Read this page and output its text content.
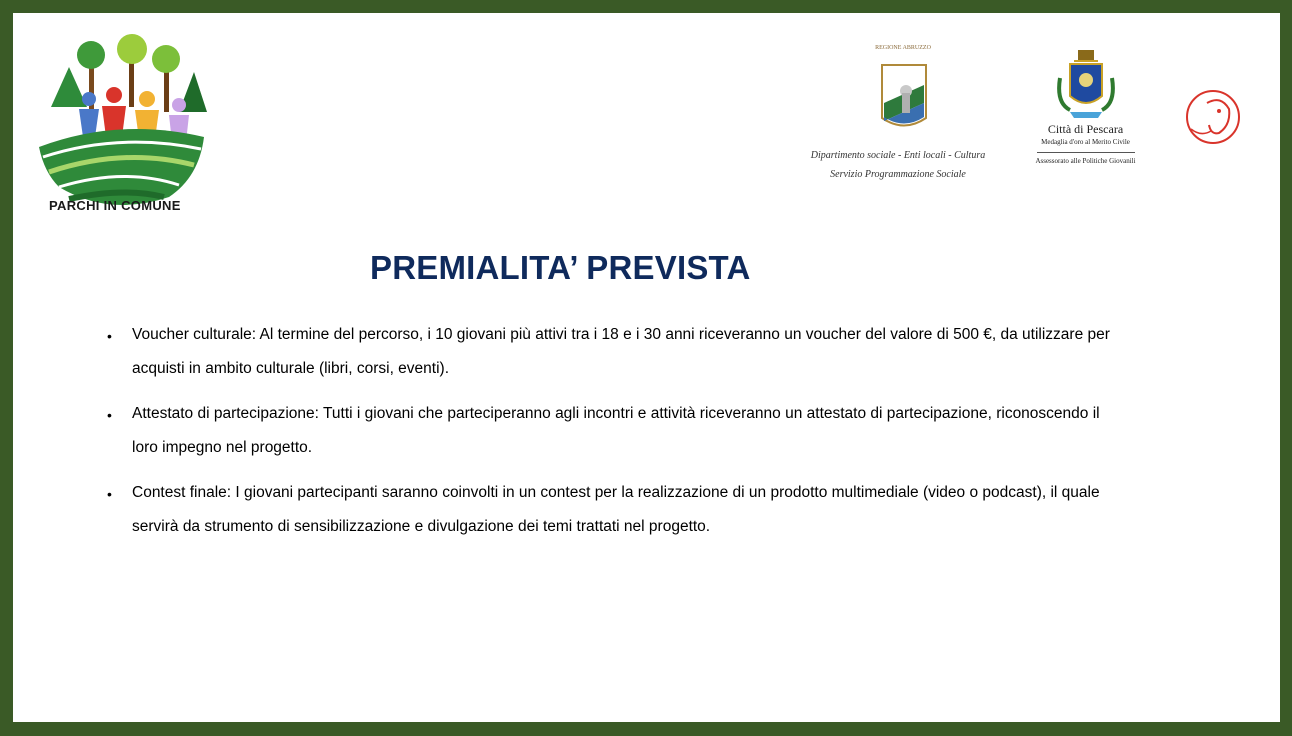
PARCHI IN COMUNE
REGIONE ABRUZZO
Dipartimento sociale - Enti locali - Cultura
Servizio Programmazione Sociale
Città di Pescara
Medaglia d'oro al Merito Civile
Assessorato alle Politiche Giovanili
PREMIALITA’ PREVISTA
• Voucher culturale: Al termine del percorso, i 10 giovani più attivi tra i 18 e i 30 anni riceveranno un voucher del valore di 500 €, da utilizzare per acquisti in ambito culturale (libri, corsi, eventi).
• Attestato di partecipazione: Tutti i giovani che parteciperanno agli incontri e attività riceveranno un attestato di partecipazione, riconoscendo il loro impegno nel progetto.
• Contest finale: I giovani partecipanti saranno coinvolti in un contest per la realizzazione di un prodotto multimediale (video o podcast), il quale servirà da strumento di sensibilizzazione e divulgazione dei temi trattati nel progetto.
